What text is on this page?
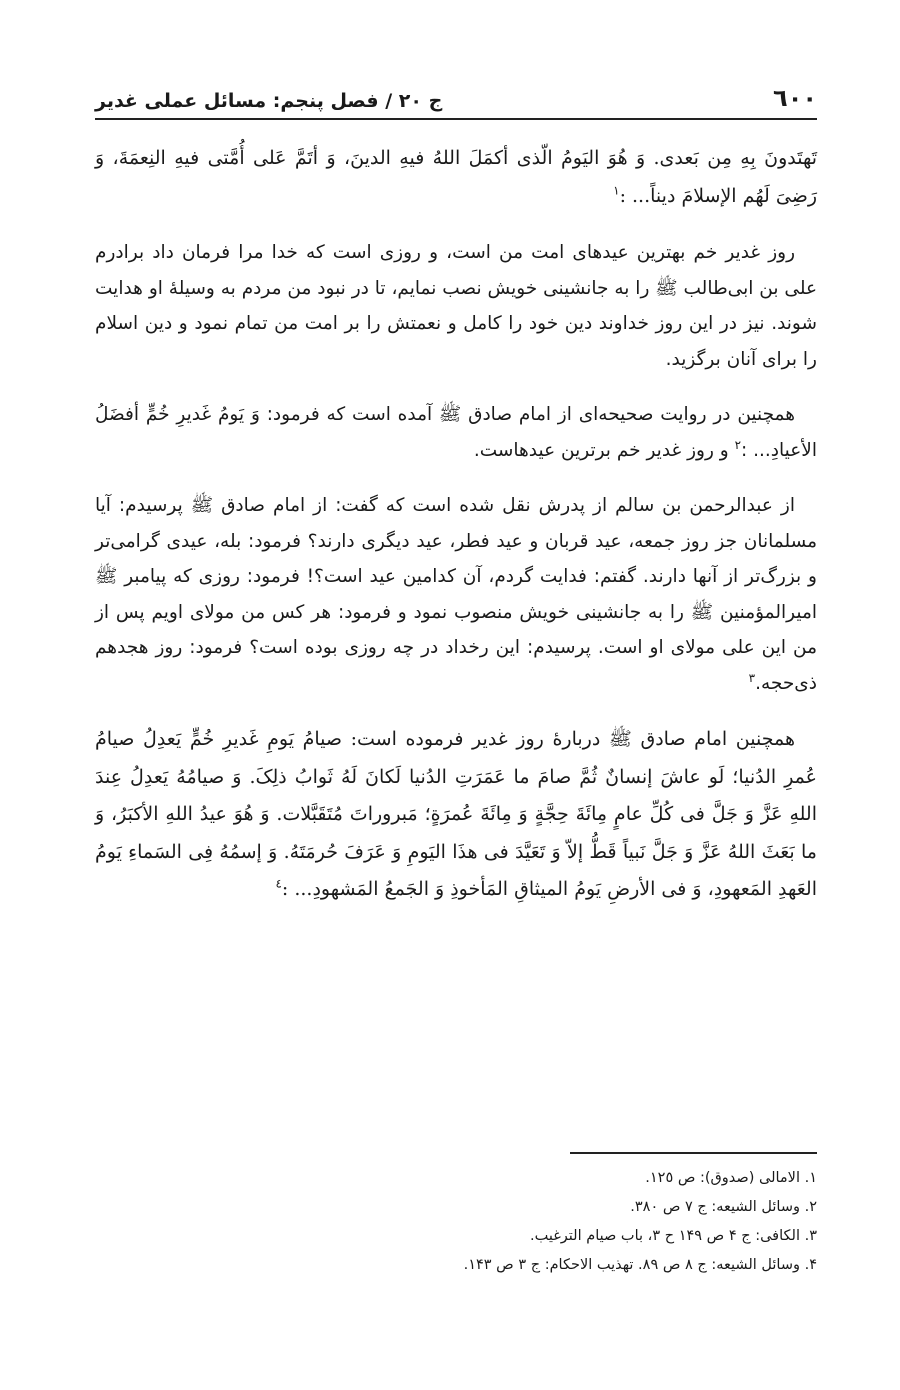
٦٠٠
ج ٢٠ / فصل پنجم: مسائل عملی غدیر

تَهتَدونَ بِهِ مِن بَعدی. وَ هُوَ الیَومُ الّذی أکمَلَ اللهُ فیهِ الدینَ، وَ أتَمَّ عَلی أُمَّتی فیهِ النِعمَةَ، وَ رَضِیَ لَهُم الإسلامَ دیناً... :$^١$

روز غدیر خم بهترین عیدهای امت من است، و روزی است که خدا مرا فرمان داد برادرم علی بن ابی‌طالب ﷺ را به جانشینی خویش نصب نمایم، تا در نبود من مردم به وسیلهٔ او هدایت شوند. نیز در این روز خداوند دین خود را کامل و نعمتش را بر امت من تمام نمود و دین اسلام را برای آنان برگزید.

همچنین در روایت صحیحه‌ای از امام صادق ﷺ آمده است که فرمود: وَ یَومُ غَدیرِ خُمٍّ أفضَلُ الأعیادِ... :$^٢$ و روز غدیر خم برترین عیدهاست.

از عبدالرحمن بن سالم از پدرش نقل شده است که گفت: از امام صادق ﷺ پرسیدم: آیا مسلمانان جز روز جمعه، عید قربان و عید فطر، عید دیگری دارند؟ فرمود: بله، عیدی گرامی‌تر و بزرگ‌تر از آنها دارند. گفتم: فدایت گردم، آن کدامین عید است؟! فرمود: روزی که پیامبر ﷺ امیرالمؤمنین ﷺ را به جانشینی خویش منصوب نمود و فرمود: هر کس من مولای اویم پس از من این علی مولای او است. پرسیدم: این رخداد در چه روزی بوده است؟ فرمود: روز هجدهم ذی‌حجه.$^٣$

همچنین امام صادق ﷺ دربارهٔ روز غدیر فرموده است: صیامُ یَومِ غَدیرِ خُمٍّ یَعدِلُ صیامُ عُمرِ الدُنیا؛ لَو عاشَ إنسانٌ ثُمَّ صامَ ما عَمَرَتِ الدُنیا لَکانَ لَهُ ثَوابُ ذلِکَ. وَ صیامُهُ یَعدِلُ عِندَ اللهِ عَزَّ وَ جَلَّ فی کُلِّ عامٍ مِائَةَ حِجَّةٍ وَ مِائَةَ عُمرَةٍ؛ مَبروراتَ مُتَقَبَّلات. وَ هُوَ عیدُ اللهِ الأکبَرُ، وَ ما بَعَثَ اللهُ عَزَّ وَ جَلَّ نَبیاً قَطُّ إلاّ وَ تَعَیَّدَ فی هذَا الیَومِ وَ عَرَفَ حُرمَتَهُ. وَ إسمُهُ فِی السَماءِ یَومُ العَهدِ المَعهودِ، وَ فی الأرضِ یَومُ المیثاقِ المَأخوذِ وَ الجَمعُ المَشهودِ... :$^٤$

١. الامالی (صدوق): ص ١٢٥.
٢. وسائل الشیعه: ج ٧ ص ٣٨٠.
٣. الکافی: ج ۴ ص ١۴٩ ح ٣، باب صیام الترغیب.
۴. وسائل الشیعه: ج ٨ ص ٨٩. تهذیب الاحکام: ج ٣ ص ١۴٣.
